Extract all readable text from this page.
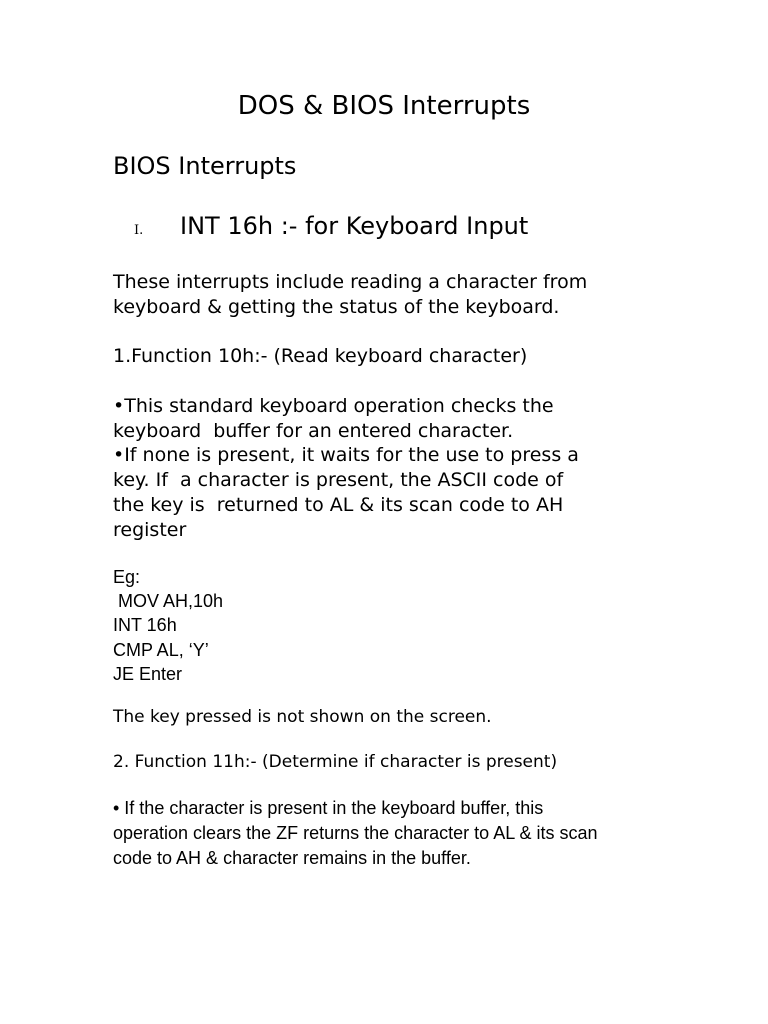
DOS & BIOS Interrupts
BIOS Interrupts
I. INT 16h :- for Keyboard Input
These interrupts include reading a character from
keyboard & getting the status of the keyboard.
1.Function 10h:- (Read keyboard character)
•This standard keyboard operation checks the
keyboard  buffer for an entered character.
•If none is present, it waits for the use to press a
key. If  a character is present, the ASCII code of
the key is  returned to AL & its scan code to AH
register
Eg:
MOV AH,10h
INT 16h
CMP AL, ‘Y’
JE Enter
The key pressed is not shown on the screen.
2. Function 11h:- (Determine if character is present)
• If the character is present in the keyboard buffer, this
operation clears the ZF returns the character to AL & its scan
code to AH & character remains in the buffer.
